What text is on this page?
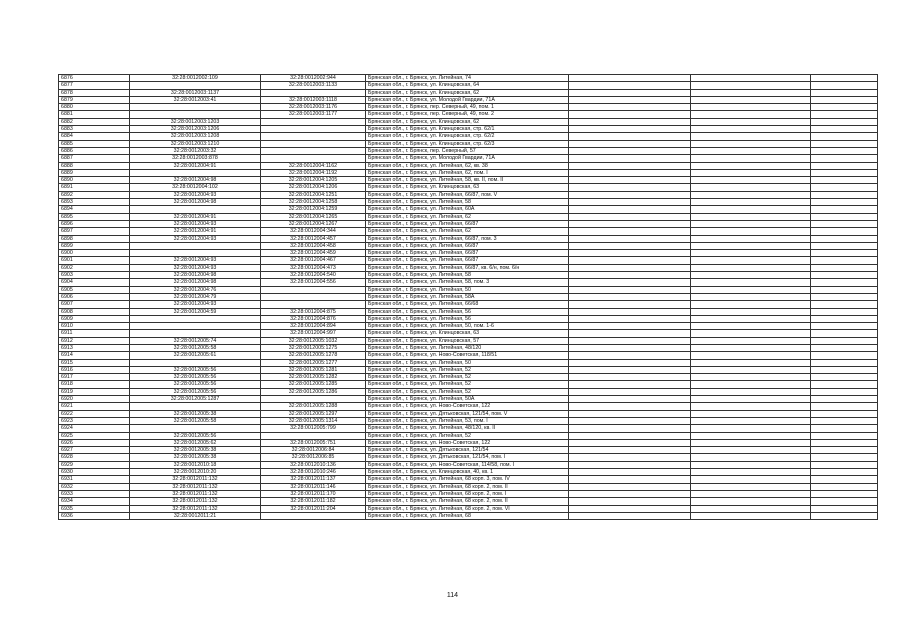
6876	32:28:0012002:109	32:28:0012002:944	Брянская обл., г. Брянск, ул. Литейная, 74			
6877		32:28:0012003:1133	Брянская обл., г. Брянск, ул. Клинцовская, 64			
6878	32:28:0012003:1137		Брянская обл., г. Брянск, ул. Клинцовская, 62			
6879	32:28:0012003:41	32:28:0012003:1118	Брянская обл., г. Брянск, ул. Молодой Гвардии, 71А			
6880		32:28:0012003:1176	Брянская обл., г. Брянск, пер. Северный, 49, пом. 1			
6881		32:28:0012003:1177	Брянская обл., г. Брянск, пер. Северный, 49, пом. 2			
6882	32:28:0012003:1203		Брянская обл., г. Брянск, ул. Клинцовская, 62			
6883	32:28:0012003:1206		Брянская обл., г. Брянск, ул. Клинцовская, стр. 62/1			
6884	32:28:0012003:1208		Брянская обл., г. Брянск, ул. Клинцовская, стр. 62/2			
6885	32:28:0012003:1210		Брянская обл., г. Брянск, ул. Клинцовская, стр. 62/3			
6886	32:28:0012003:32		Брянская обл., г. Брянск, пер. Северный, 57			
6887	32:28:0012003:878		Брянская обл., г. Брянск, ул. Молодой Гвардии, 71А			
6888	32:28:0012004:91	32:28:0012004:1162	Брянская обл., г. Брянск, ул. Литейная, 62, кв. 38			
6889		32:28:0012004:1192	Брянская обл., г. Брянск, ул. Литейная, 62, пом. I			
6890	32:28:0012004:98	32:28:0012004:1205	Брянская обл., г. Брянск, ул. Литейная, 58, кв. II, пом. II			
6891	32:28:0012004:102	32:28:0012004:1206	Брянская обл., г. Брянск, ул. Клинцовская, 63			
6892	32:28:0012004:93	32:28:0012004:1251	Брянская обл., г. Брянск, ул. Литейная, 66/87, пом. V			
6893	32:28:0012004:98	32:28:0012004:1258	Брянская обл., г. Брянск, ул. Литейная, 58			
6894		32:28:0012004:1259	Брянская обл., г. Брянск, ул. Литейная, 60А			
6895	32:28:0012004:91	32:28:0012004:1265	Брянская обл., г. Брянск, ул. Литейная, 62			
6896	32:28:0012004:93	32:28:0012004:1267	Брянская обл., г. Брянск, ул. Литейная, 66/87			
6897	32:28:0012004:91	32:28:0012004:344	Брянская обл., г. Брянск, ул. Литейная, 62			
6898	32:28:0012004:93	32:28:0012004:457	Брянская обл., г. Брянск, ул. Литейная, 66/87, пом. 3			
6899		32:28:0012004:458	Брянская обл., г. Брянск, ул. Литейная, 66/87			
6900		32:28:0012004:459	Брянская обл., г. Брянск, ул. Литейная, 66/87			
6901	32:28:0012004:93	32:28:0012004:467	Брянская обл., г. Брянск, ул. Литейная, 66/87			
6902	32:28:0012004:93	32:28:0012004:473	Брянская обл., г. Брянск, ул. Литейная, 66/87, кв. 6/н, пом. 6/н			
6903	32:28:0012004:98	32:28:0012004:540	Брянская обл., г. Брянск, ул. Литейная, 58			
6904	32:28:0012004:98	32:28:0012004:556	Брянская обл., г. Брянск, ул. Литейная, 58, пом. 3			
6905	32:28:0012004:76		Брянская обл., г. Брянск, ул. Литейная, 50			
6906	32:28:0012004:79		Брянская обл., г. Брянск, ул. Литейная, 58А			
6907	32:28:0012004:93		Брянская обл., г. Брянск, ул. Литейная, 66/68			
6908	32:28:0012004:59	32:28:0012004:875	Брянская обл., г. Брянск, ул. Литейная, 56			
6909		32:28:0012004:876	Брянская обл., г. Брянск, ул. Литейная, 56			
6910		32:28:0012004:894	Брянская обл., г. Брянск, ул. Литейная, 50, пом. 1-6			
6911		32:28:0012004:997	Брянская обл., г. Брянск, ул. Клинцовская, 63			
6912	32:28:0012005:74	32:28:0012005:1032	Брянская обл., г. Брянск, ул. Клинцовская, 57			
6913	32:28:0012005:58	32:28:0012005:1275	Брянская обл., г. Брянск, ул. Литейная, 48/120			
6914	32:28:0012005:61	32:28:0012005:1278	Брянская обл., г. Брянск, ул. Ново-Советская, 118/51			
6915		32:28:0012005:1277	Брянская обл., г. Брянск, ул. Литейная, 50			
6916	32:28:0012005:56	32:28:0012005:1281	Брянская обл., г. Брянск, ул. Литейная, 52			
6917	32:28:0012005:56	32:28:0012005:1282	Брянская обл., г. Брянск, ул. Литейная, 52			
6918	32:28:0012005:56	32:28:0012005:1285	Брянская обл., г. Брянск, ул. Литейная, 52			
6919	32:28:0012005:56	32:28:0012005:1286	Брянская обл., г. Брянск, ул. Литейная, 52			
6920	32:28:0012005:1287		Брянская обл., г. Брянск, ул. Литейная, 50А			
6921		32:28:0012005:1288	Брянская обл., г. Брянск, ул. Ново-Советская, 122			
6922	32:28:0012005:38	32:28:0012005:1297	Брянская обл., г. Брянск, ул. Дятьковская, 121/54, пом. V			
6923	32:28:0012005:58	32:28:0012005:1314	Брянская обл., г. Брянск, ул. Литейная, 53, пом. I			
6924		32:28:0012005:799	Брянская обл., г. Брянск, ул. Литейная, 48/120, кв. II			
6925	32:28:0012005:56		Брянская обл., г. Брянск, ул. Литейная, 52			
6926	32:28:0012005:62	32:28:0012005:751	Брянская обл., г. Брянск, ул. Ново-Советская, 122			
6927	32:28:0012005:38	32:28:0012006:84	Брянская обл., г. Брянск, ул. Дятьковская, 121/54			
6928	32:28:0012005:38	32:28:0012006:85	Брянская обл., г. Брянск, ул. Дятьковская, 121/54, пом. I			
6929	32:28:0012010:18	32:28:0012010:136	Брянская обл., г. Брянск, ул. Ново-Советская, 114/58, пом. I			
6930	32:28:0012010:20	32:28:0012010:246	Брянская обл., г. Брянск, ул. Клинцовская, 40, кв. 1			
6931	32:28:0012011:132	32:28:0012011:137	Брянская обл., г. Брянск, ул. Литейная, 68 корп. 3, пом. IV			
6932	32:28:0012011:132	32:28:0012011:146	Брянская обл., г. Брянск, ул. Литейная, 68 корп. 2, пом. II			
6933	32:28:0012011:132	32:28:0012011:170	Брянская обл., г. Брянск, ул. Литейная, 68 корп. 2, пом. I			
6934	32:28:0012011:132	32:28:0012011:182	Брянская обл., г. Брянск, ул. Литейная, 68 корп. 2, пом. II			
6935	32:28:0012011:132	32:28:0012011:204	Брянская обл., г. Брянск, ул. Литейная, 68 корп. 2, пом. VI			
6936	32:28:0012011:21		Брянская обл., г. Брянск, ул. Литейная, 68			
114
